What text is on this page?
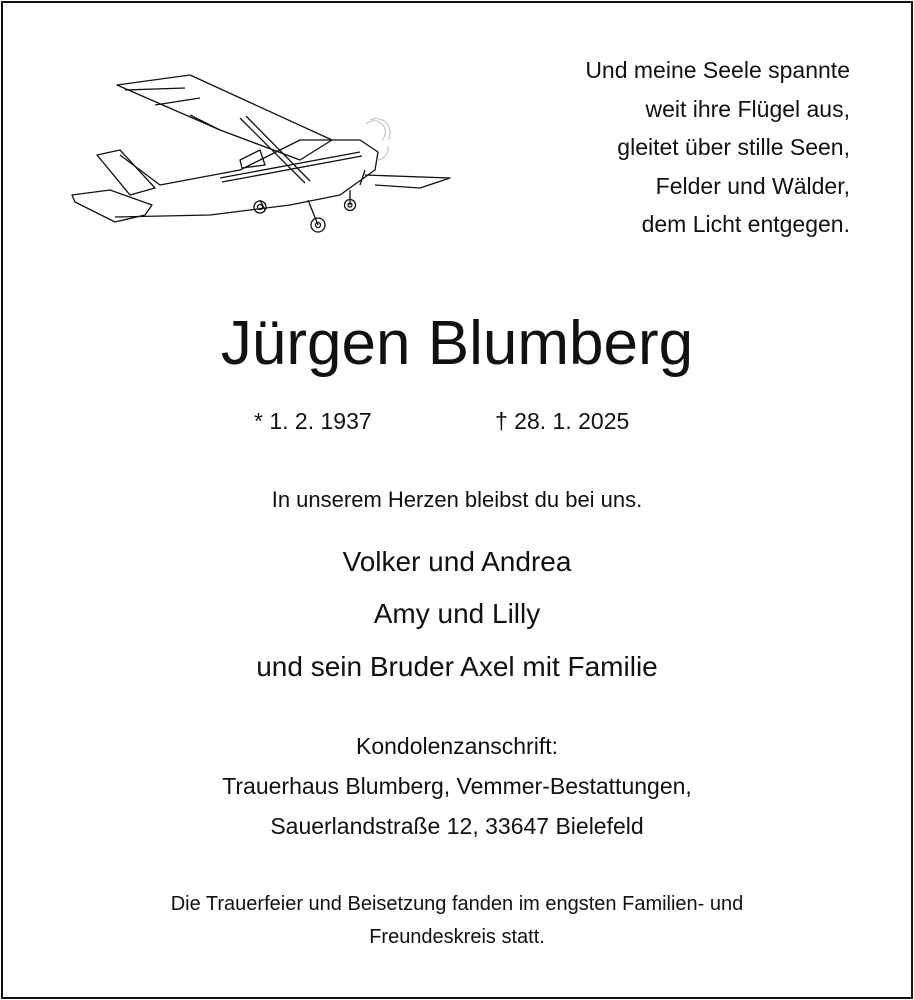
Und meine Seele spannte
weit ihre Flügel aus,
gleitet über stille Seen,
Felder und Wälder,
dem Licht entgegen.
Jürgen Blumberg
* 1. 2. 1937	† 28. 1. 2025
In unserem Herzen bleibst du bei uns.
Volker und Andrea
Amy und Lilly
und sein Bruder Axel mit Familie
Kondolenzanschrift:
Trauerhaus Blumberg, Vemmer-Bestattungen,
Sauerlandstraße 12, 33647 Bielefeld
Die Trauerfeier und Beisetzung fanden im engsten Familien- und
Freundeskreis statt.
